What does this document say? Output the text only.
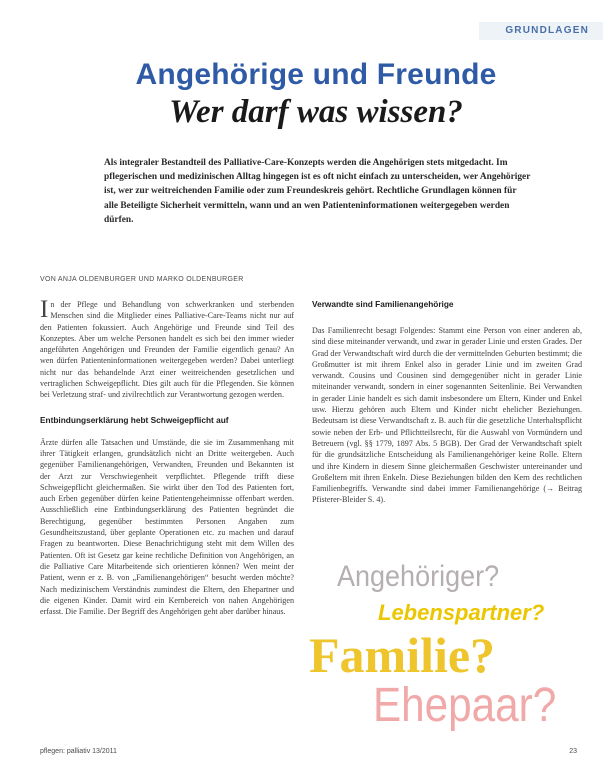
GRUNDLAGEN
Angehörige und Freunde
Wer darf was wissen?

Als integraler Bestandteil des Palliative-Care-Konzepts werden die Angehörigen stets mitgedacht. Im pflegerischen und medizinischen Alltag hingegen ist es oft nicht einfach zu unterscheiden, wer Angehöriger ist, wer zur weitreichenden Familie oder zum Freundeskreis gehört. Rechtliche Grundlagen können für alle Beteiligte Sicherheit vermitteln, wann und an wen Patienteninformationen weitergegeben werden dürfen.

VON ANJA OLDENBURGER UND MARKO OLDENBURGER

In der Pflege und Behandlung von schwerkranken und sterbenden Menschen sind die Mitglieder eines Palliative-Care-Teams nicht nur auf den Patienten fokussiert. Auch Angehörige und Freunde sind Teil des Konzeptes. Aber um welche Personen handelt es sich bei den immer wieder angeführten Angehörigen und Freunden der Familie eigentlich genau? An wen dürfen Patienteninformationen weitergegeben werden? Dabei unterliegt nicht nur das behandelnde Arzt einer weitreichenden gesetzlichen und vertraglichen Schweigepflicht. Dies gilt auch für die Pflegenden. Sie können bei Verletzung straf- und zivilrechtlich zur Verantwortung gezogen werden.

Entbindungserklärung hebt Schweigepflicht auf

Ärzte dürfen alle Tatsachen und Umstände, die sie im Zusammenhang mit ihrer Tätigkeit erlangen, grundsätzlich nicht an Dritte weitergeben. Auch gegenüber Familienangehörigen, Verwandten, Freunden und Bekannten ist der Arzt zur Verschwiegenheit verpflichtet. Pflegende trifft diese Schweigepflicht gleichermaßen. Sie wirkt über den Tod des Patienten fort, auch Erben gegenüber dürfen keine Patientengeheimnisse offenbart werden. Ausschließlich eine Entbindungserklärung des Patienten begründet die Berechtigung, gegenüber bestimmten Personen Angaben zum Gesundheitszustand, über geplante Operationen etc. zu machen und darauf Fragen zu beantworten. Diese Benachrichtigung steht mit dem Willen des Patienten. Oft ist Gesetz gar keine rechtliche Definition von Angehörigen, an die Palliative Care Mitarbeitende sich orientieren können? Wen meint der Patient, wenn er z. B. von „Familienangehörigen“ besucht werden möchte? Nach medizinischem Verständnis zumindest die Eltern, den Ehepartner und die eigenen Kinder. Damit wird ein Kernbereich von nahen Angehörigen erfasst. Die Familie. Der Begriff des Angehörigen geht aber darüber hinaus.

Verwandte sind Familienangehörige

Das Familienrecht besagt Folgendes: Stammt eine Person von einer anderen ab, sind diese miteinander verwandt, und zwar in gerader Linie und ersten Grades. Der Grad der Verwandtschaft wird durch die der vermittelnden Geburten bestimmt; die Großmutter ist mit ihrem Enkel also in gerader Linie und im zweiten Grad verwandt. Cousins und Cousinen sind demgegenüber nicht in gerader Linie miteinander verwandt, sondern in einer sogenannten Seitenlinie. Bei Verwandten in gerader Linie handelt es sich damit insbesondere um Eltern, Kinder und Enkel usw. Hierzu gehören auch Eltern und Kinder nicht ehelicher Beziehungen. Bedeutsam ist diese Verwandtschaft z. B. auch für die gesetzliche Unterhaltspflicht sowie neben der Erb- und Pflichtteilsrecht, für die Auswahl von Vormündern und Betreuern (vgl. §§ 1779, 1897 Abs. 5 BGB). Der Grad der Verwandtschaft spielt für die grundsätzliche Entscheidung als Familienangehöriger keine Rolle. Eltern und ihre Kindern in diesem Sinne gleichermaßen Geschwister untereinander und Großeltern mit ihren Enkeln. Diese Beziehungen bilden den Kern des rechtlichen Familienbegriffs. Verwandte sind dabei immer Familienangehörige (→ Beitrag Pfisterer-Bleider S. 4).

Angehöriger?
Lebenspartner?
Familie?
Ehepaar?
pflegen: palliativ 13/2011	23
